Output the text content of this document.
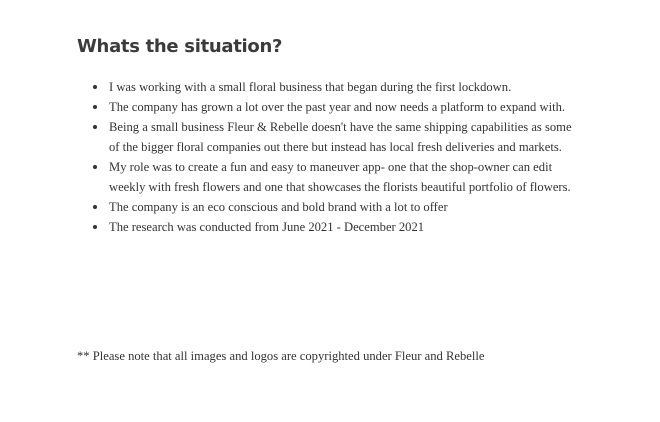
Whats the situation?
I was working with a small floral business that began during the first lockdown.
The company has grown a lot over the past year and now needs a platform to expand with.
Being a small business Fleur & Rebelle doesn't have the same shipping capabilities as some of the bigger floral companies out there but instead has local fresh deliveries and markets.
My role was to create a fun and easy to maneuver app- one that the shop-owner can edit weekly with fresh flowers and one that showcases the florists beautiful portfolio of flowers.
The company is an eco conscious and bold brand with a lot to offer
The research was conducted from June 2021 - December 2021
** Please note that all images and logos are copyrighted under Fleur and Rebelle
